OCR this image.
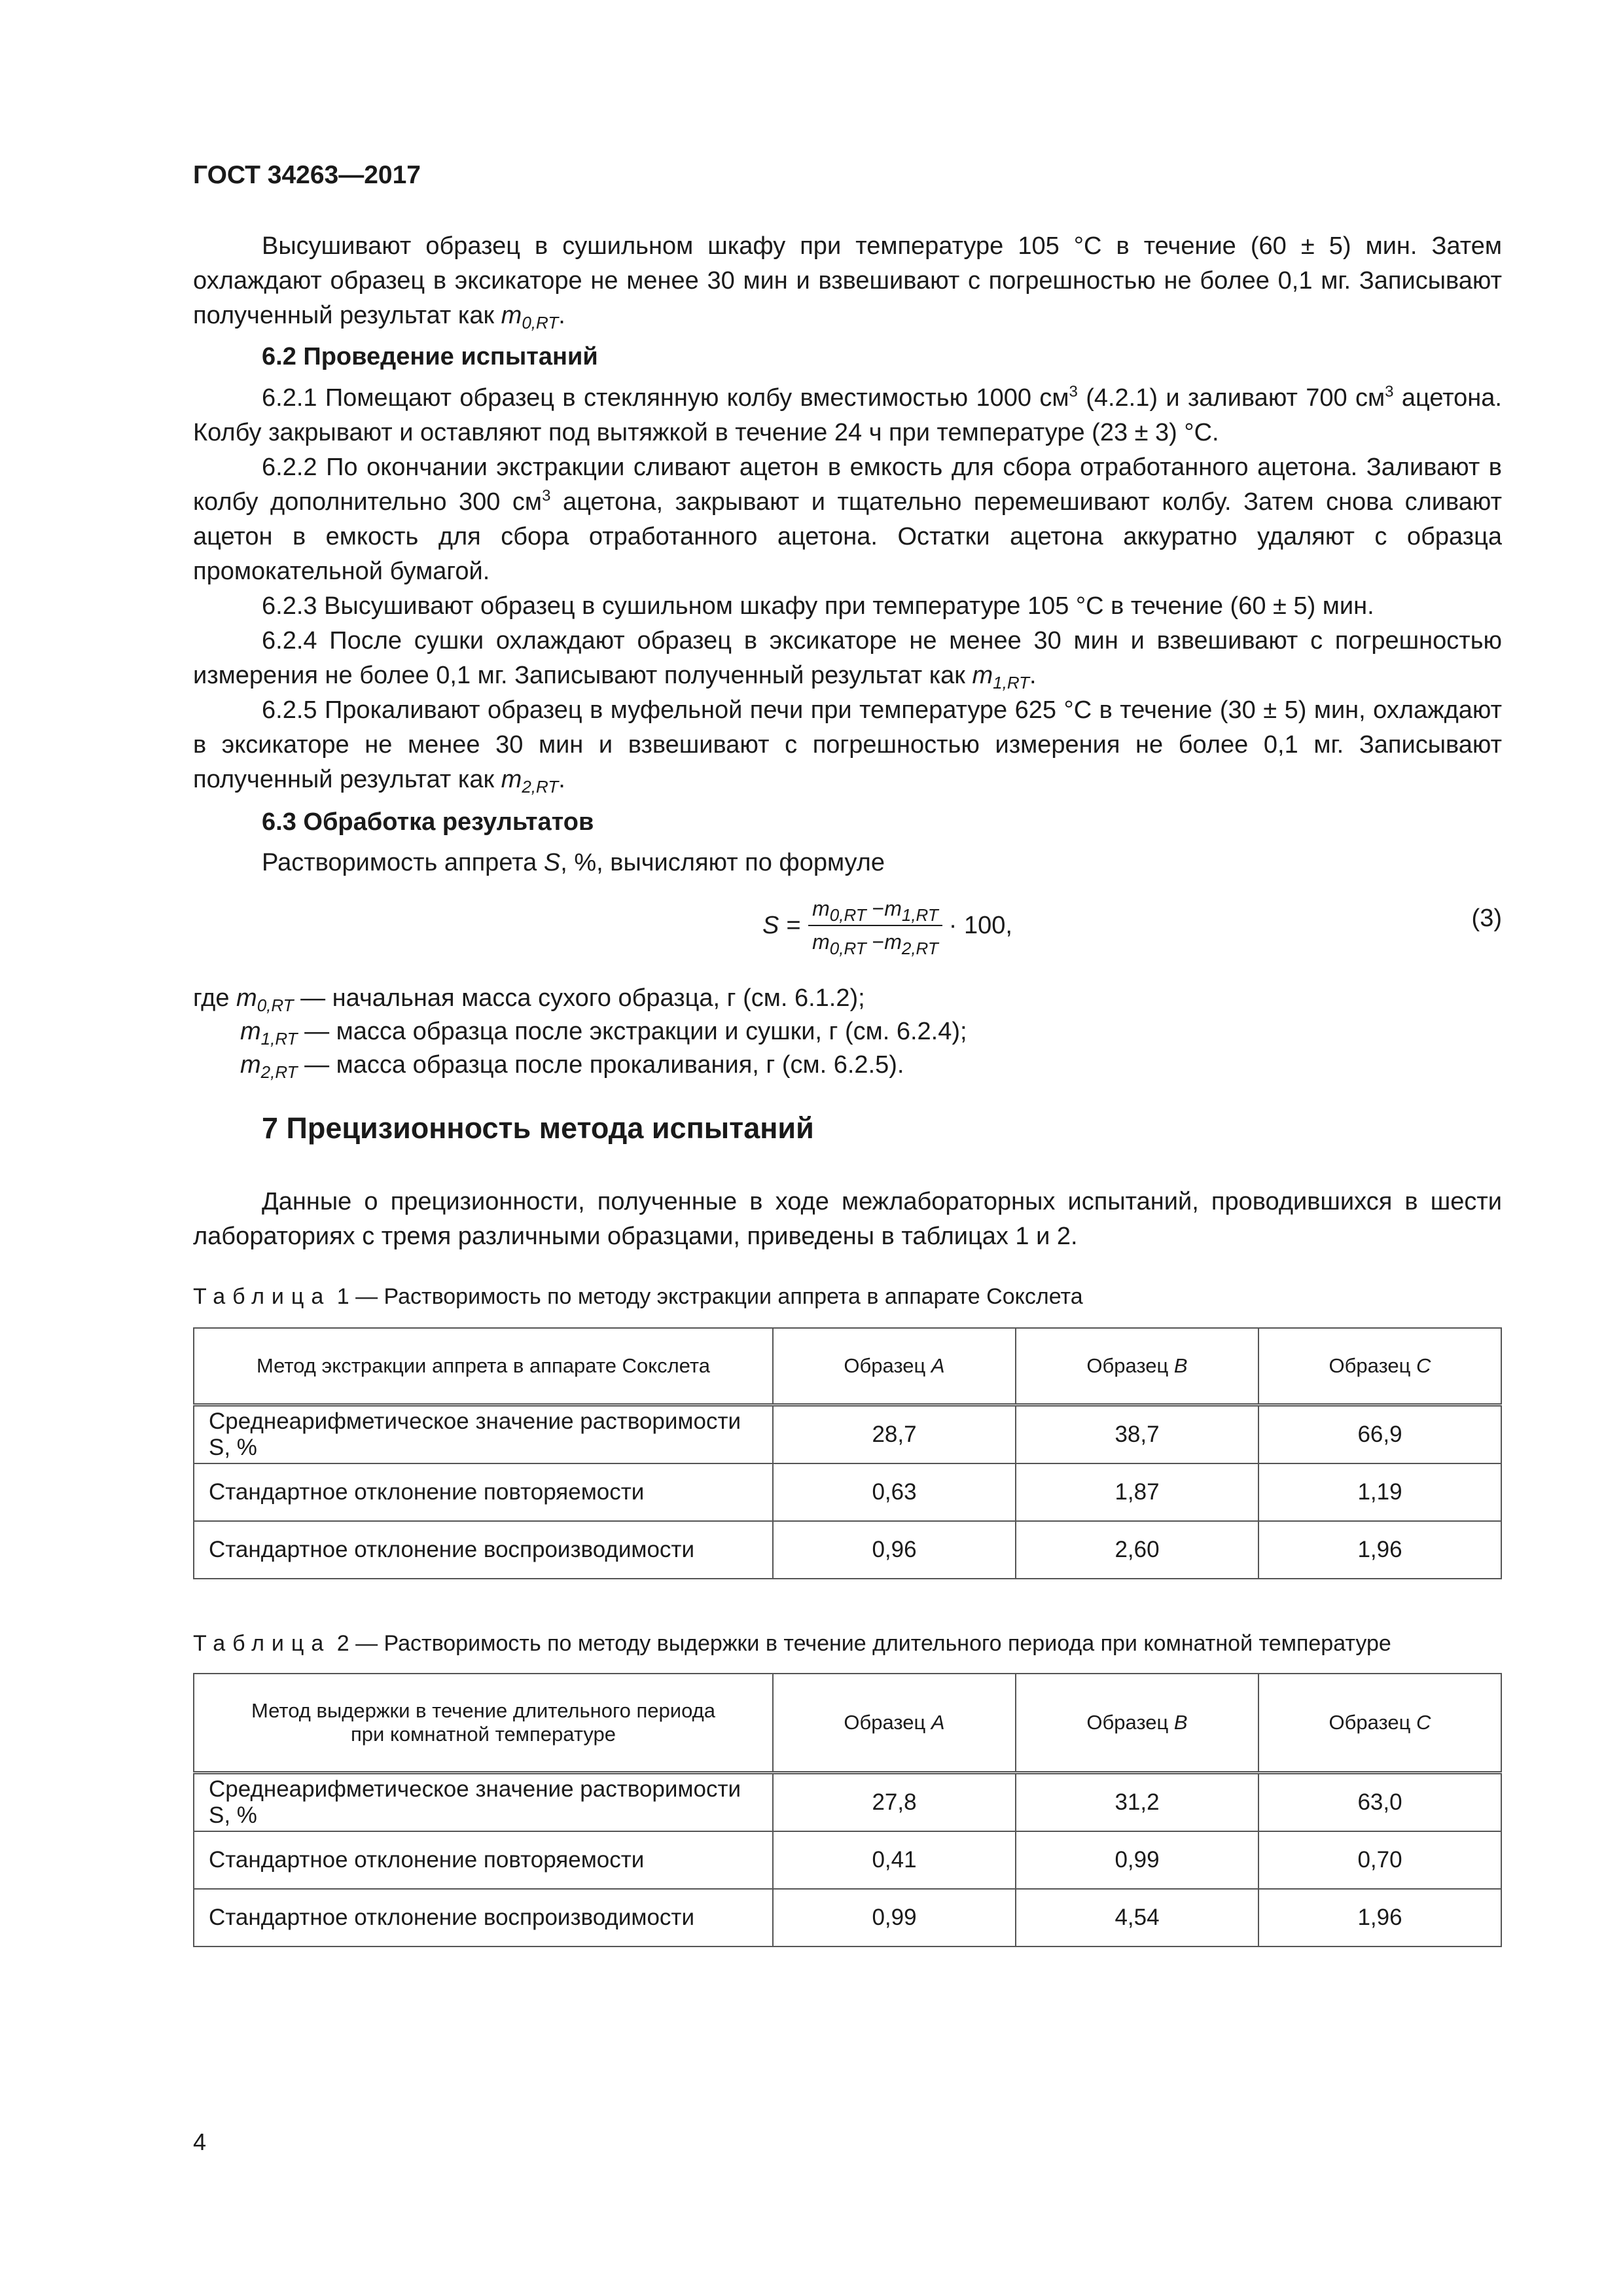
ГОСТ 34263—2017

Высушивают образец в сушильном шкафу при температуре 105 °С в течение (60 ± 5) мин. Затем охлаждают образец в эксикаторе не менее 30 мин и взвешивают с погрешностью не более 0,1 мг. Записывают полученный результат как $m_{0,RT}$.

6.2 Проведение испытаний

6.2.1 Помещают образец в стеклянную колбу вместимостью 1000 $см^3$ (4.2.1) и заливают 700 $см^3$ ацетона. Колбу закрывают и оставляют под вытяжкой в течение 24 ч при температуре (23 ± 3) °С.

6.2.2 По окончании экстракции сливают ацетон в емкость для сбора отработанного ацетона. Заливают в колбу дополнительно 300 $см^3$ ацетона, закрывают и тщательно перемешивают колбу. Затем снова сливают ацетон в емкость для сбора отработанного ацетона. Остатки ацетона аккуратно удаляют с образца промокательной бумагой.

6.2.3 Высушивают образец в сушильном шкафу при температуре 105 °С в течение (60 ± 5) мин.

6.2.4 После сушки охлаждают образец в эксикаторе не менее 30 мин и взвешивают с погрешностью измерения не более 0,1 мг. Записывают полученный результат как $m_{1,RT}$.

6.2.5 Прокаливают образец в муфельной печи при температуре 625 °С в течение (30 ± 5) мин, охлаждают в эксикаторе не менее 30 мин и взвешивают с погрешностью измерения не более 0,1 мг. Записывают полученный результат как $m_{2,RT}$.

6.3 Обработка результатов

Растворимость аппрета S, %, вычисляют по формуле

$S = \frac{m_{0,RT} -m_{1,RT}}{m_{0,RT} -m_{2,RT}} \cdot 100$,	(3)

где $m_{0,RT}$ — начальная масса сухого образца, г (см. 6.1.2);

$m_{1,RT}$ — масса образца после экстракции и сушки, г (см. 6.2.4);

$m_{2,RT}$ — масса образца после прокаливания, г (см. 6.2.5).

7 Прецизионность метода испытаний

Данные о прецизионности, полученные в ходе межлабораторных испытаний, проводившихся в шести лабораториях с тремя различными образцами, приведены в таблицах 1 и 2.

Таблица 1 — Растворимость по методу экстракции аппрета в аппарате Сокслета
Метод экстракции аппрета в аппарате Сокслета	Образец A	Образец B	Образец C
Среднеарифметическое значение растворимости S, %	28,7	38,7	66,9
Стандартное отклонение повторяемости	0,63	1,87	1,19
Стандартное отклонение воспроизводимости	0,96	2,60	1,96
Таблица 2 — Растворимость по методу выдержки в течение длительного периода при комнатной температуре
Метод выдержки в течение длительного периода при комнатной температуре	Образец A	Образец B	Образец C
Среднеарифметическое значение растворимости S, %	27,8	31,2	63,0
Стандартное отклонение повторяемости	0,41	0,99	0,70
Стандартное отклонение воспроизводимости	0,99	4,54	1,96
4
